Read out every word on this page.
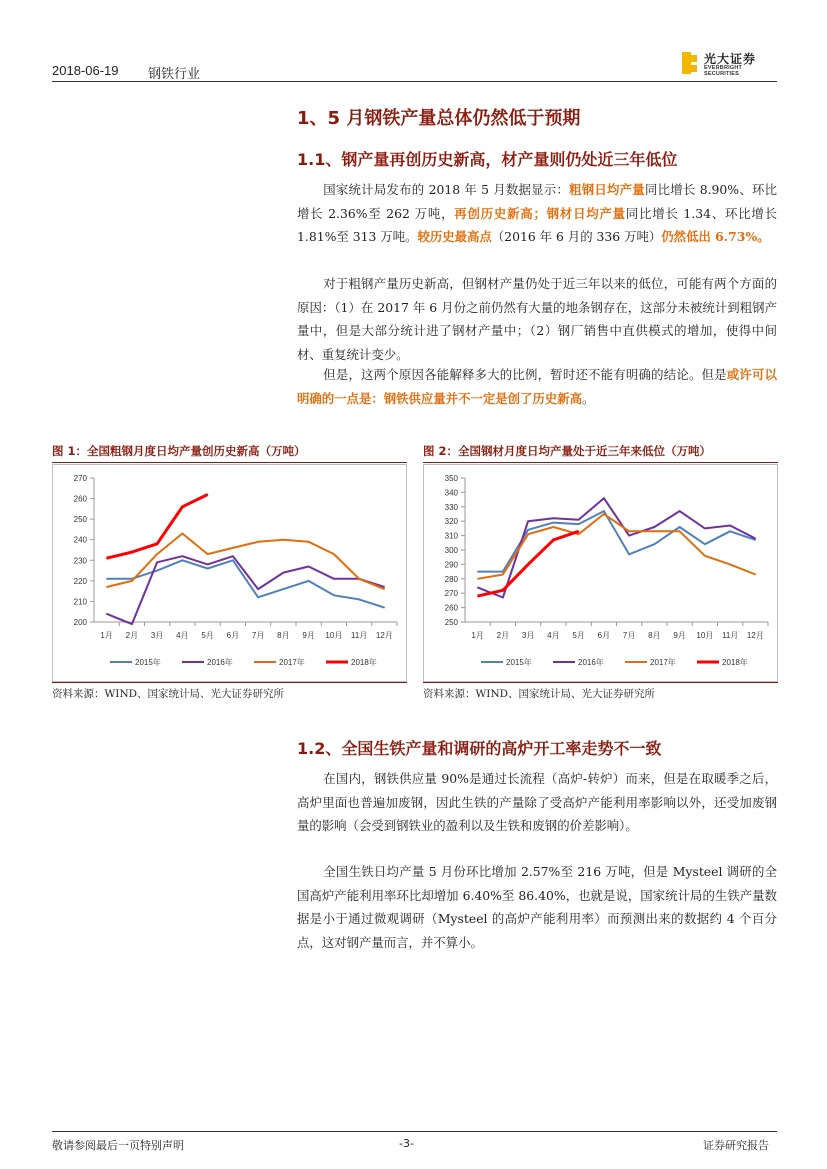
2018-06-19 钢铁行业
光大证券
EVERBRIGHT SECURITIES
1、5 月钢铁产量总体仍然低于预期
1.1、钢产量再创历史新高，材产量则仍处近三年低位
国家统计局发布的 2018 年 5 月数据显示：粗钢日均产量同比增长 8.90%、环比增长 2.36%至 262 万吨，再创历史新高；钢材日均产量同比增长 1.34、环比增长 1.81%至 313 万吨。较历史最高点（2016 年 6 月的 336 万吨）仍然低出 6.73%。
对于粗钢产量历史新高，但钢材产量仍处于近三年以来的低位，可能有两个方面的原因：（1）在 2017 年 6 月份之前仍然有大量的地条钢存在，这部分未被统计到粗钢产量中，但是大部分统计进了钢材产量中；（2）钢厂销售中直供模式的增加，使得中间材、重复统计变少。
但是，这两个原因各能解释多大的比例，暂时还不能有明确的结论。但是或许可以明确的一点是：钢铁供应量并不一定是创了历史新高。
图 1：全国粗钢月度日均产量创历史新高（万吨）
200
210
220
230
240
250
260
270
1月 2月 3月 4月 5月 6月 7月 8月 9月 10月 11月 12月
2015年	2016年	2017年	2018年
资料来源：WIND、国家统计局、光大证券研究所
图 2：全国钢材月度日均产量处于近三年来低位（万吨）
250
260
270
280
290
300
310
320
330
340
350
1月 2月 3月 4月 5月 6月 7月 8月 9月 10月 11月 12月
2015年	2016年	2017年	2018年
资料来源：WIND、国家统计局、光大证券研究所
1.2、全国生铁产量和调研的高炉开工率走势不一致
在国内，钢铁供应量 90%是通过长流程（高炉-转炉）而来，但是在取暖季之后，高炉里面也普遍加废钢，因此生铁的产量除了受高炉产能利用率影响以外，还受加废钢量的影响（会受到钢铁业的盈利以及生铁和废钢的价差影响）。
全国生铁日均产量 5 月份环比增加 2.57%至 216 万吨，但是 Mysteel 调研的全国高炉产能利用率环比却增加 6.40%至 86.40%，也就是说，国家统计局的生铁产量数据是小于通过微观调研（Mysteel 的高炉产能利用率）而预测出来的数据约 4 个百分点，这对钢产量而言，并不算小。
敬请参阅最后一页特别声明	-3-	证券研究报告
